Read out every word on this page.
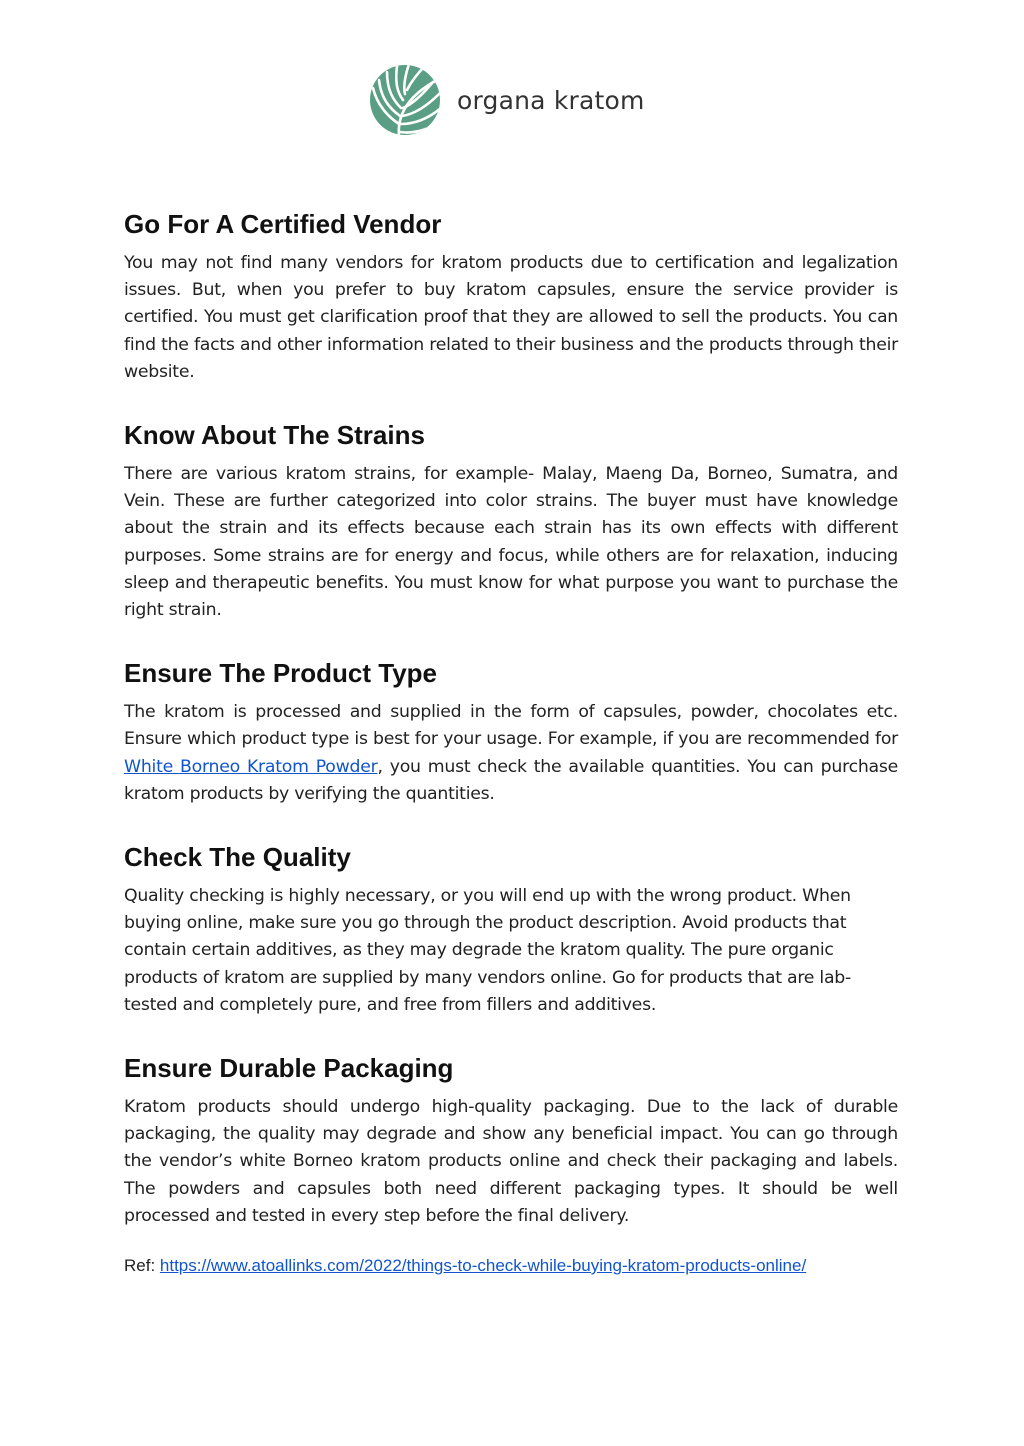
organa kratom
Go For A Certified Vendor

You may not find many vendors for kratom products due to certification and legalization issues. But, when you prefer to buy kratom capsules, ensure the service provider is certified. You must get clarification proof that they are allowed to sell the products. You can find the facts and other information related to their business and the products through their website.

Know About The Strains

There are various kratom strains, for example- Malay, Maeng Da, Borneo, Sumatra, and Vein. These are further categorized into color strains. The buyer must have knowledge about the strain and its effects because each strain has its own effects with different purposes. Some strains are for energy and focus, while others are for relaxation, inducing sleep and therapeutic benefits. You must know for what purpose you want to purchase the right strain.

Ensure The Product Type

The kratom is processed and supplied in the form of capsules, powder, chocolates etc. Ensure which product type is best for your usage. For example, if you are recommended for White Borneo Kratom Powder, you must check the available quantities. You can purchase kratom products by verifying the quantities.

Check The Quality

Quality checking is highly necessary, or you will end up with the wrong product. When buying online, make sure you go through the product description. Avoid products that contain certain additives, as they may degrade the kratom quality. The pure organic products of kratom are supplied by many vendors online. Go for products that are lab-tested and completely pure, and free from fillers and additives.

Ensure Durable Packaging

Kratom products should undergo high-quality packaging. Due to the lack of durable packaging, the quality may degrade and show any beneficial impact. You can go through the vendor’s white Borneo kratom products online and check their packaging and labels. The powders and capsules both need different packaging types. It should be well processed and tested in every step before the final delivery.

Ref: https://www.atoallinks.com/2022/things-to-check-while-buying-kratom-products-online/
